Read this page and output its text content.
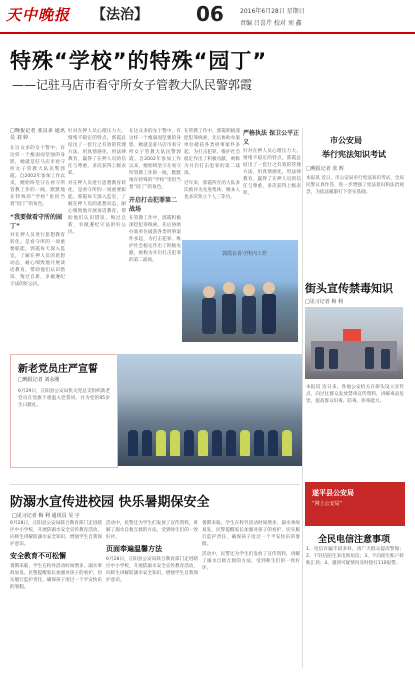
天中晚报 【法治】 06	2016年6月28日 星期日
责编 吕喜芹 校对 刘 鑫
特殊“学校”的特殊“园丁”
——记驻马店市看守所女子管教大队民警郭霞
□晚报记者 张良多 通讯员 刘 婷
在这众多的女干警中，有这样一个瘦弱而坚强的身影，她就是驻马店市看守所女子管教大队民警郭霞。自2002年参加工作以来，她始终坚守在看守所管教工作的一线，默默地在特殊的“学校”里担当着“园丁”的角色。
“我要做看守所的园丁”
对在押人员进行思想教育转化，是看守所的一项重要职能。郭霞每天深入监室，了解在押人员的思想动态，耐心细致地开展谈话教育，帮助他们认识错误、悔过自新，争做遵纪守法的好公民。
针对在押人员心理压力大、情绪不稳定的特点，郭霞总结出了一套行之有效的管理方法，用真情感化、用法律教育，赢得了在押人员的信任与尊重，多次获得上级表彰。
对在押人员进行思想教育转化，是看守所的一项重要职能。郭霞每天深入监室，了解在押人员的思想动态，耐心细致地开展谈话教育，帮助他们认识错误、悔过自新，争做遵纪守法的好公民。
在这众多的女干警中，有这样一个瘦弱而坚强的身影，她就是驻马店市看守所女子管教大队民警郭霞。自2002年参加工作以来，她始终坚守在看守所管教工作的一线，默默地在特殊的“学校”里担当着“园丁”的角色。
开启打击犯罪第二战场
在管教工作中，郭霞积极深挖犯罪线索，先后协助办案单位破获各类刑事案件多起，为打击犯罪、维护社会稳定作出了积极贡献，被称为开启打击犯罪的第二战场。
在管教工作中，郭霞积极深挖犯罪线索，先后协助办案单位破获各类刑事案件多起，为打击犯罪、维护社会稳定作出了积极贡献，被称为开启打击犯罪的第二战场。
近年来，郭霞所在的大队多次被评为先进集体，她本人也多次荣立个人三等功。
严格执法 保卫公平正义
针对在押人员心理压力大、情绪不稳定的特点，郭霞总结出了一套行之有效的管理方法，用真情感化、用法律教育，赢得了在押人员的信任与尊重，多次获得上级表彰。
郭霞在看守所内工作
新老党员庄严宣誓
□晚报记者 刘永刚
6月29日，正阳县公安局机关党总支组织新老党员在党旗下重温入党誓词，并为党的95岁生日献礼。
市公安局
举行宪法知识考试
□晚报记者 张 辉
本报讯 近日，市公安局举行宪法知识考试，全局民警认真作答，进一步增强了宪法意识和法治观念，为依法履职打下坚实基础。
街头宣传禁毒知识
□见习记者 梅 利
本报讯 连日来，各地公安机关在街头设立宣传点，向过往群众发放禁毒宣传资料，讲解毒品危害，提高群众识毒、防毒、拒毒能力。
遂平县公安局
“网上公安局”
全民电信注意事项
1、电信诈骗手段多样，请广大群众提高警惕；2、不轻信陌生来电和短信；3、不向陌生账户转账汇款；4、遇到可疑情况及时拨打110报警。
防溺水宣传进校园 快乐暑期保安全
□见习记者 梅 利 通讯员 吴 宇
6月28日，正阳县公安局联合教育部门走进辖区中小学校，开展防溺水安全宣传教育活动，向师生讲解防溺水安全知识，增强学生自我保护意识。
安全教育不可松懈
暑期来临，学生在校外活动时间增多，溺水事故易发。民警提醒家长加强对孩子的看护，切实履行监护责任，确保孩子度过一个平安快乐的暑假。
活动中，民警还为学生们发放了宣传资料，讲解了溺水自救互救的方法，受到师生们的一致好评。
页面奉遍温馨方法
6月28日，正阳县公安局联合教育部门走进辖区中小学校，开展防溺水安全宣传教育活动，向师生讲解防溺水安全知识，增强学生自我保护意识。
暑期来临，学生在校外活动时间增多，溺水事故易发。民警提醒家长加强对孩子的看护，切实履行监护责任，确保孩子度过一个平安快乐的暑假。
活动中，民警还为学生们发放了宣传资料，讲解了溺水自救互救的方法，受到师生们的一致好评。
